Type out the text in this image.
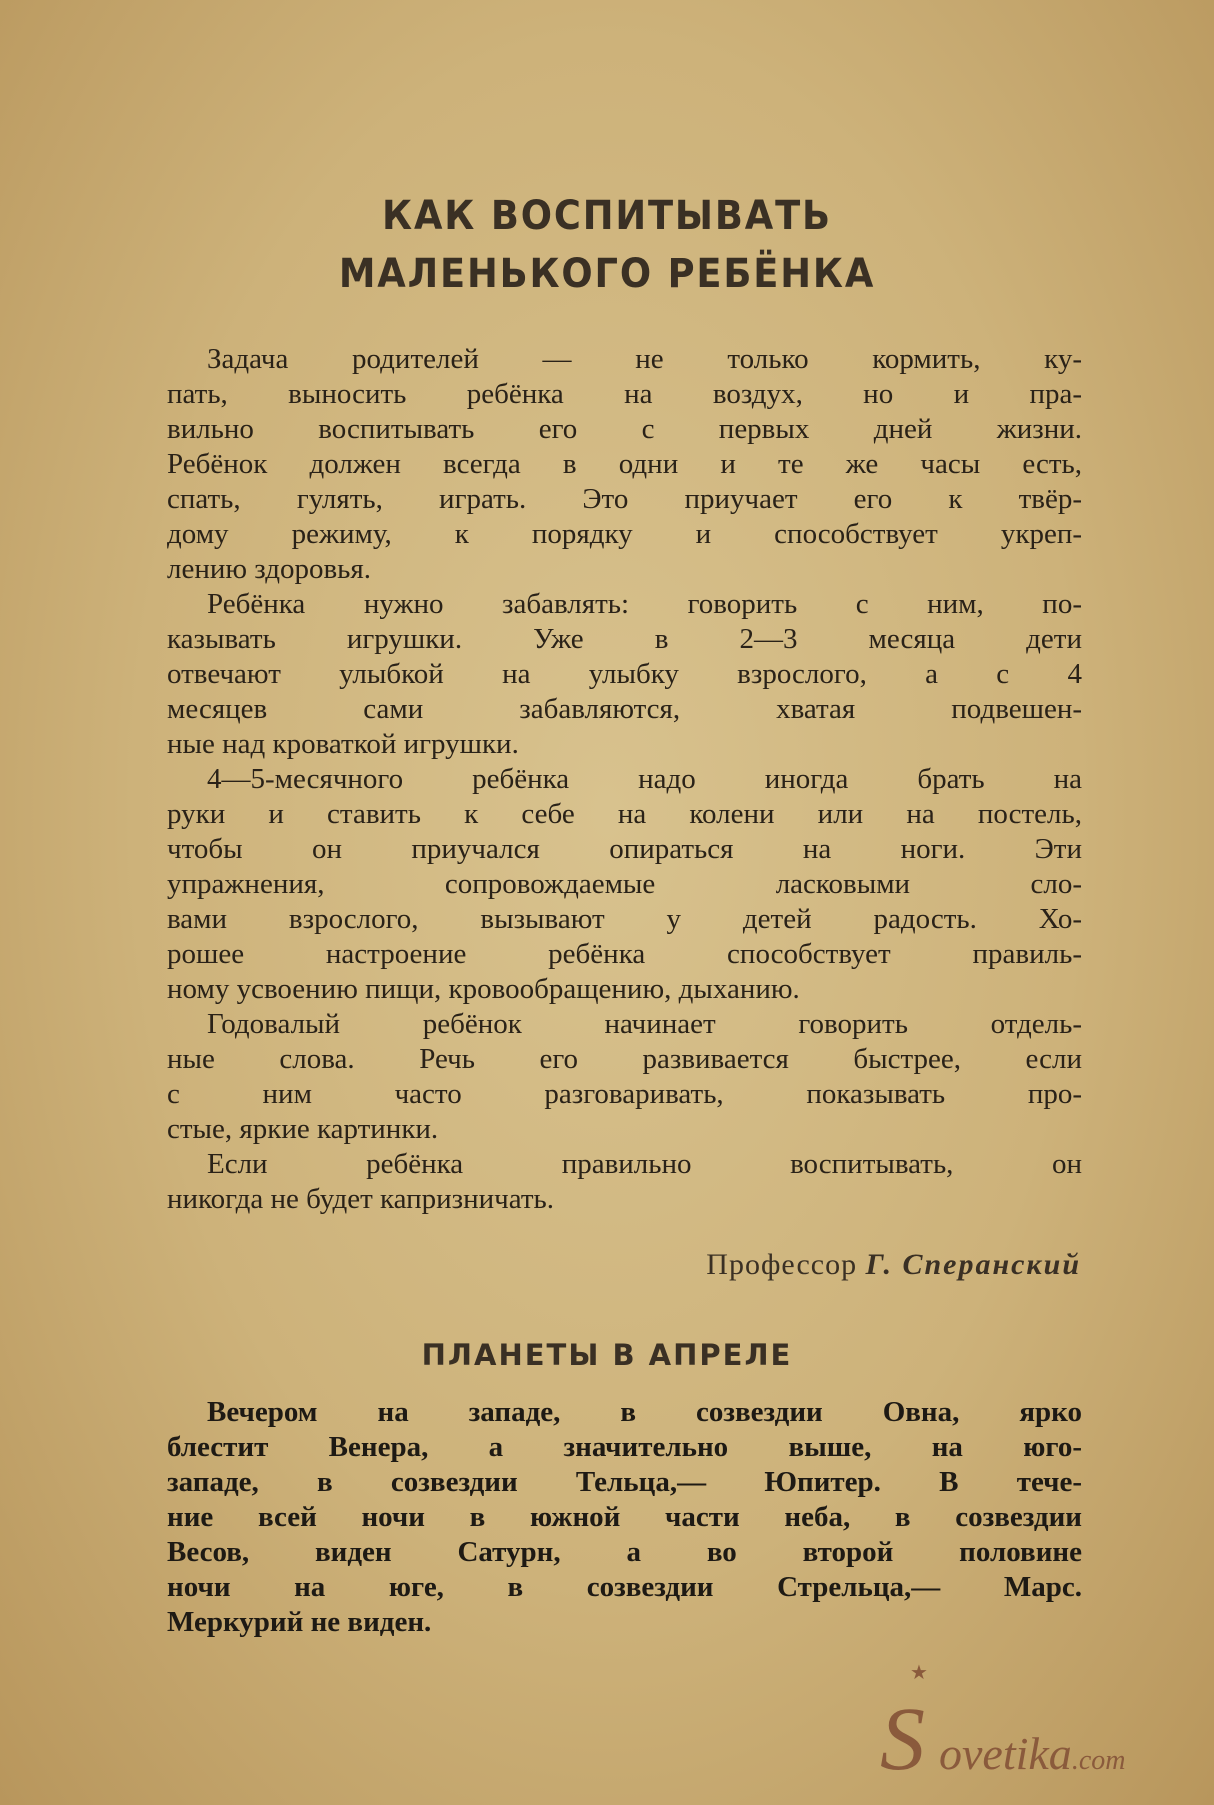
КАК ВОСПИТЫВАТЬ
МАЛЕНЬКОГО РЕБЁНКА
Задача родителей — не только кормить, ку-
пать, выносить ребёнка на воздух, но и пра-
вильно воспитывать его с первых дней жизни.
Ребёнок должен всегда в одни и те же часы есть,
спать, гулять, играть. Это приучает его к твёр-
дому режиму, к порядку и способствует укреп-
лению здоровья.
Ребёнка нужно забавлять: говорить с ним, по-
казывать игрушки. Уже в 2—3 месяца дети
отвечают улыбкой на улыбку взрослого, а с 4
месяцев сами забавляются, хватая подвешен-
ные над кроваткой игрушки.
4—5-месячного ребёнка надо иногда брать на
руки и ставить к себе на колени или на постель,
чтобы он приучался опираться на ноги. Эти
упражнения, сопровождаемые ласковыми сло-
вами взрослого, вызывают у детей радость. Хо-
рошее настроение ребёнка способствует правиль-
ному усвоению пищи, кровообращению, дыханию.
Годовалый ребёнок начинает говорить отдель-
ные слова. Речь его развивается быстрее, если
с ним часто разговаривать, показывать про-
стые, яркие картинки.
Если ребёнка правильно воспитывать, он
никогда не будет капризничать.
Профессор Г. Сперанский
ПЛАНЕТЫ В АПРЕЛЕ
Вечером на западе, в созвездии Овна, ярко
блестит Венера, а значительно выше, на юго-
западе, в созвездии Тельца,— Юпитер. В тече-
ние всей ночи в южной части неба, в созвездии
Весов, виден Сатурн, а во второй половине
ночи на юге, в созвездии Стрельца,— Марс.
Меркурий не виден.
★
S ovetika.com
